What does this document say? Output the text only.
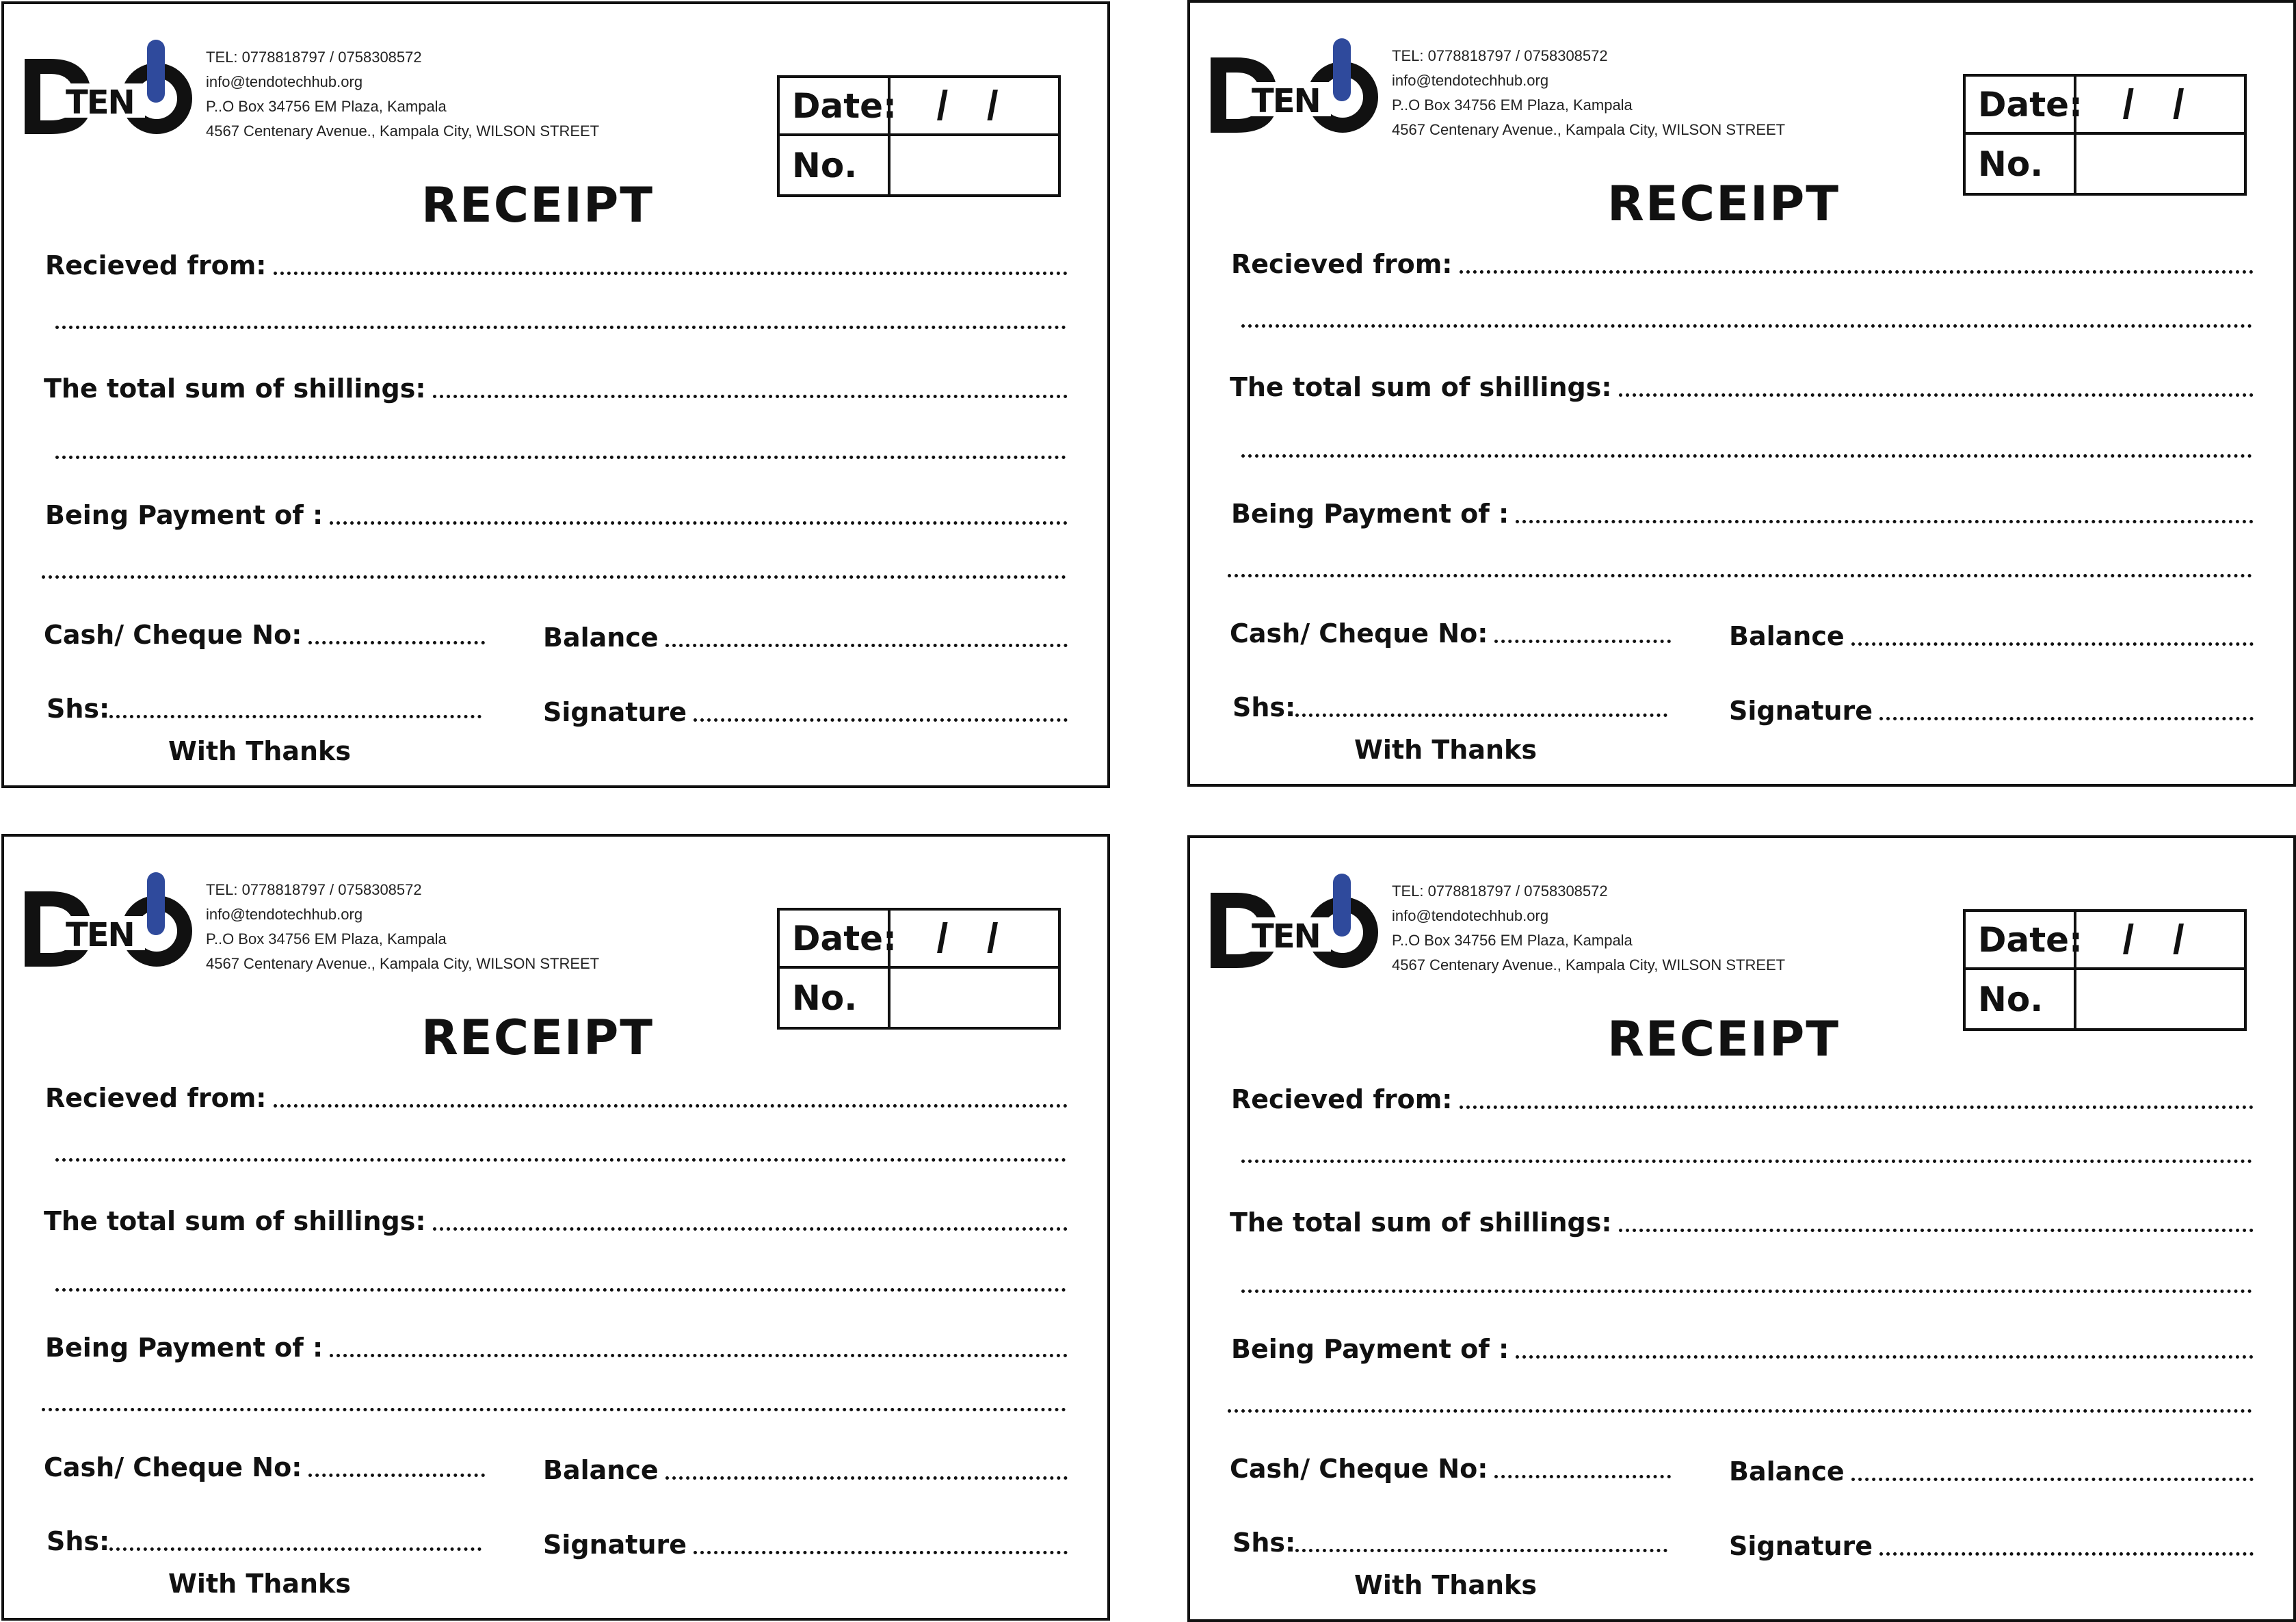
TEN
TEL: 0778818797 / 0758308572
info@tendotechhub.org
P..O Box 34756 EM Plaza, Kampala
4567 Centenary Avenue., Kampala City, WILSON STREET
Date: / /
No.
RECEIPT
Recieved from:
The total sum of shillings:
Being Payment of :
Cash/ Cheque No:	Balance
Shs:	Signature
With Thanks
TEN
TEL: 0778818797 / 0758308572
info@tendotechhub.org
P..O Box 34756 EM Plaza, Kampala
4567 Centenary Avenue., Kampala City, WILSON STREET
Date: / /
No.
RECEIPT
Recieved from:
The total sum of shillings:
Being Payment of :
Cash/ Cheque No:	Balance
Shs:	Signature
With Thanks
TEN
TEL: 0778818797 / 0758308572
info@tendotechhub.org
P..O Box 34756 EM Plaza, Kampala
4567 Centenary Avenue., Kampala City, WILSON STREET
Date: / /
No.
RECEIPT
Recieved from:
The total sum of shillings:
Being Payment of :
Cash/ Cheque No:	Balance
Shs:	Signature
With Thanks
TEN
TEL: 0778818797 / 0758308572
info@tendotechhub.org
P..O Box 34756 EM Plaza, Kampala
4567 Centenary Avenue., Kampala City, WILSON STREET
Date: / /
No.
RECEIPT
Recieved from:
The total sum of shillings:
Being Payment of :
Cash/ Cheque No:	Balance
Shs:	Signature
With Thanks
